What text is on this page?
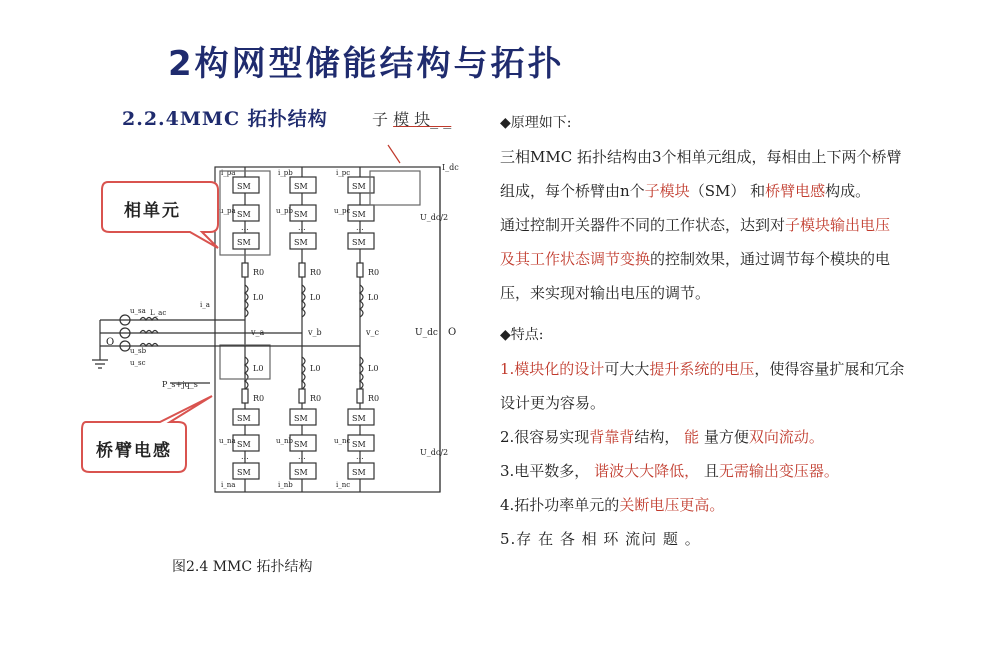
2构网型储能结构与拓扑
2.2.4MMC 拓扑结构	子 模 块_ _
SM
SM
SM
...
R0
L0
L0
R0
SM
SM
SM
...
v_a
i_pa
i_na
u_pa
u_na
SM
SM
SM
...
R0
L0
L0
R0
SM
SM
SM
...
v_b
i_pb
i_nb
u_pb
u_nb
SM
SM
SM
...
R0
L0
L0
R0
SM
SM
SM
...
v_c
i_pc
i_nc
u_pc
u_nc
O
L_ac
i_a
u_sc
u_sa
u_sb
P_s+jq_s
I_dc
U_dc/2
U_dc/2
U_dc O
相单元
桥臂电感
图2.4 MMC 拓扑结构

◆原理如下:

三相MMC 拓扑结构由3个相单元组成，每相由上下两个桥臂组成，每个桥臂由n个子模块（SM） 和桥臂电感构成。

通过控制开关器件不同的工作状态，达到对子模块输出电压及其工作状态调节变换的控制效果，通过调节每个模块的电压，来实现对输出电压的调节。

◆特点:

1.模块化的设计可大大提升系统的电压，使得容量扩展和冗余设计更为容易。

2.很容易实现背靠背结构， 能 量方便双向流动。

3.电平数多， 谐波大大降低， 且无需输出变压器。

4.拓扑功率单元的关断电压更高。

5.存 在 各 相 环 流问 题 。
